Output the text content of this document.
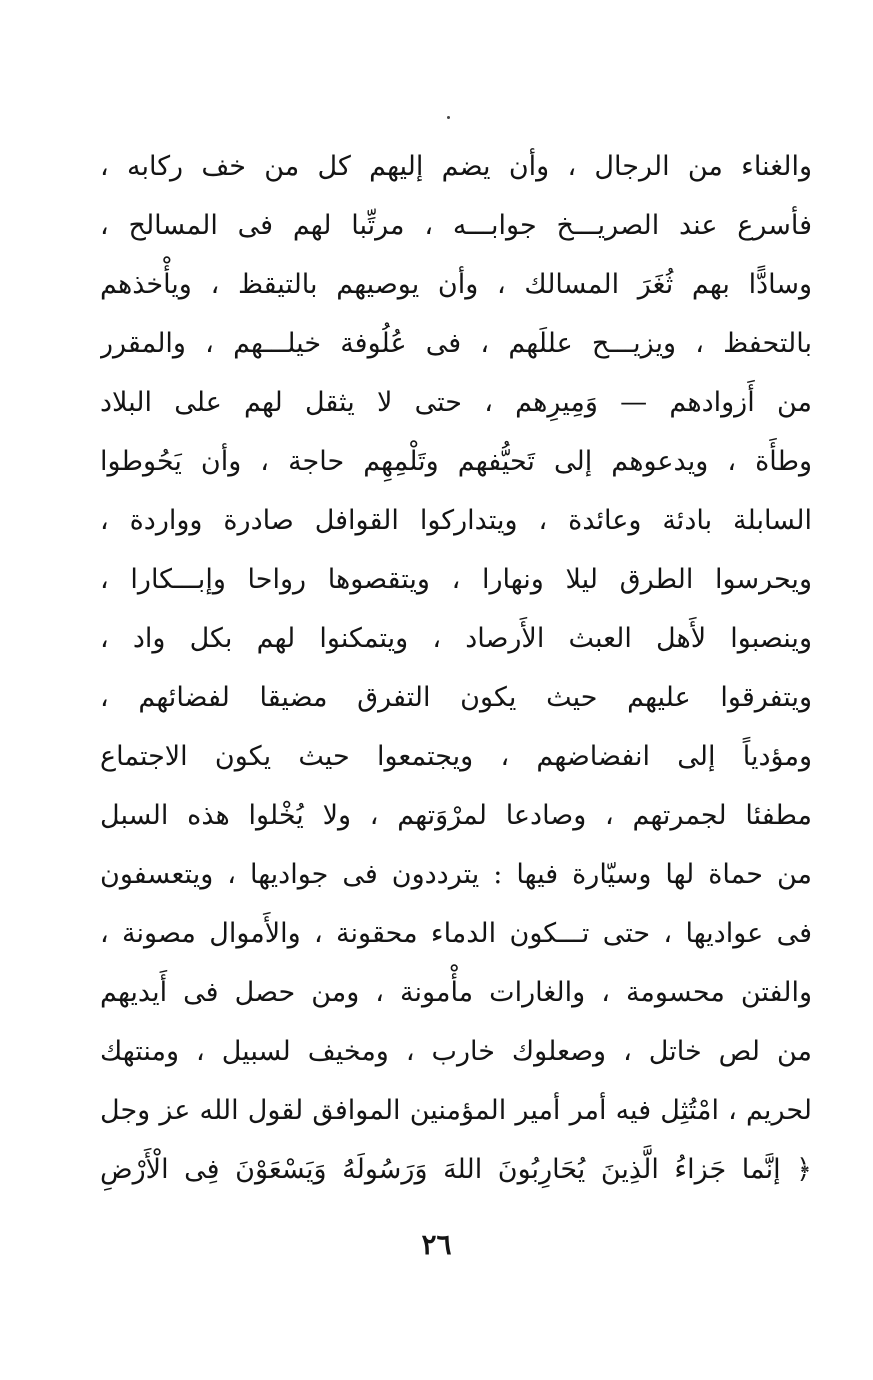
والغناء من الرجال ، وأن يضم إليهم كل من خف ركابه ،
فأسرع عند الصريـــخ جوابـــه ، مرتِّبا لهم فى المسالح ،
وسادًّا بهم ثُغَرَ المسالك ، وأن يوصيهم بالتيقظ ، ويأْخذهم
بالتحفظ ، ويزيـــح عللَهم ، فى عُلُوفة خيلـــهم ، والمقرر
من أَزوادهم — وَمِيرِهم ، حتى لا يثقل لهم على البلاد
وطأَة ، ويدعوهم إلى تَحيُّفهم وتَلْمِهِم حاجة ، وأن يَحُوطوا
السابلة بادئة وعائدة ، ويتداركوا القوافل صادرة وواردة ،
ويحرسوا الطرق ليلا ونهارا ، ويتقصوها رواحا وإبـــكارا ،
وينصبوا لأَهل العبث الأَرصاد ، ويتمكنوا لهم بكل واد ،
ويتفرقوا عليهم حيث يكون التفرق مضيقا لفضائهم ،
ومؤدياً إلى انفضاضهم ، ويجتمعوا حيث يكون الاجتماع
مطفئا لجمرتهم ، وصادعا لمرْوَتهم ، ولا يُخْلوا هذه السبل
من حماة لها وسيّارة فيها : يترددون فى جواديها ، ويتعسفون
فى عواديها ، حتى تـــكون الدماء محقونة ، والأَموال مصونة ،
والفتن محسومة ، والغارات مأْمونة ، ومن حصل فى أَيديهم
من لص خاتل ، وصعلوك خارب ، ومخيف لسبيل ، ومنتهك
لحريم ، امْتُثِل فيه أمر أمير المؤمنين الموافق لقول الله عز وجل
﴿ إنَّما جَزاءُ الَّذِينَ يُحَارِبُونَ اللهَ وَرَسُولَهُ وَيَسْعَوْنَ فِى الْأَرْضِ
٢٦
